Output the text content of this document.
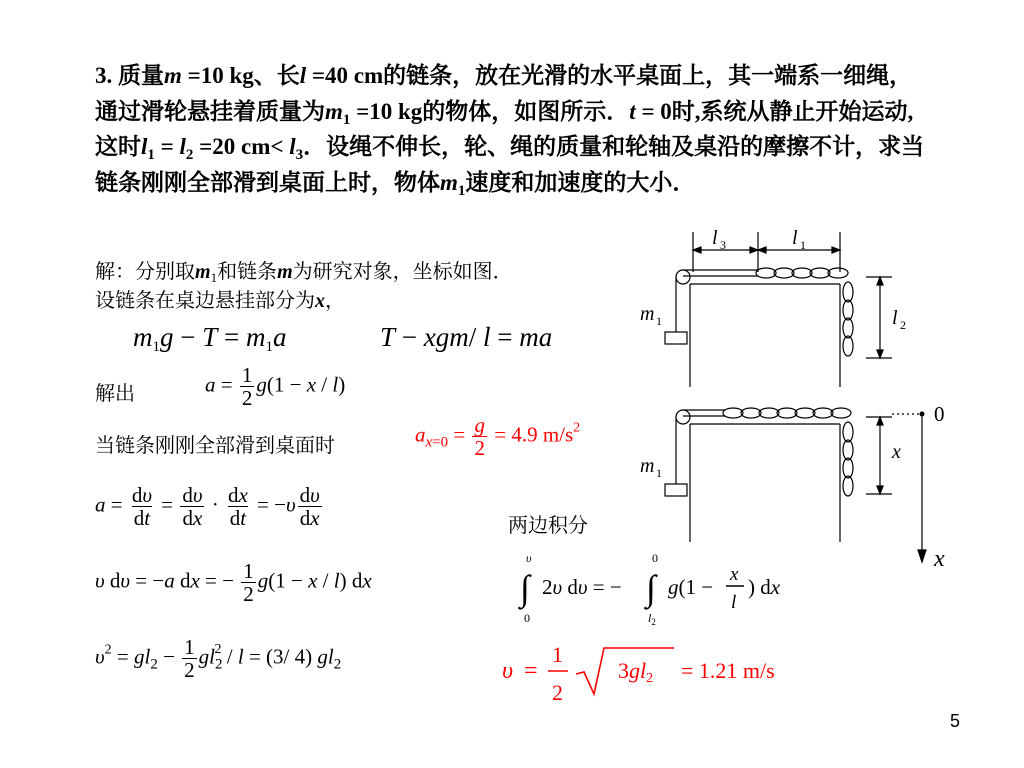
3. 质量m =10 kg、长l =40 cm的链条，放在光滑的水平桌面上，其一端系一细绳，通过滑轮悬挂着质量为$m_1 =10$ kg的物体，如图所示．t = 0时,系统从静止开始运动, 这时$l_1 = l_2 =20$ $cm< l_3$．设绳不伸长，轮、绳的质量和轮轴及桌沿的摩擦不计，求当链条刚刚全部滑到桌面上时，物体$m_1$速度和加速度的大小．
解：分别取$m_1$和链条m为研究对象，坐标如图．
设链条在桌边悬挂部分为x，
$m_1g - T = m_1a$	T − xgm/ l = ma
解出	$a = \frac{1}{2} g(1 - x / l)$
当链条刚刚全部滑到桌面时	$a_{x=0} = \frac{g}{2} = 4.9$ $m/s^2$
$a = \frac{d\upsilon}{dt} = \frac{d\upsilon}{dx} \cdot \frac{dx}{dt} = -\upsilon \frac{d\upsilon}{dx}$	两边积分
υ dυ = −a dx = − $\frac{1}{2} g(1 - x / l)$ dx
υ
∫
0
2υ dυ = −
0
∫
$l_2$
g(1 −
x
l
) dx
$\upsilon^2 = gl_2 - \frac{1}{2} gl_2^2 / l = (3/$ 4) $gl_2$	υ =
1
2
3gl2 = 1.21 m/s
l 3	l 1
l 2
m 1
m 1
0
x
x
5
